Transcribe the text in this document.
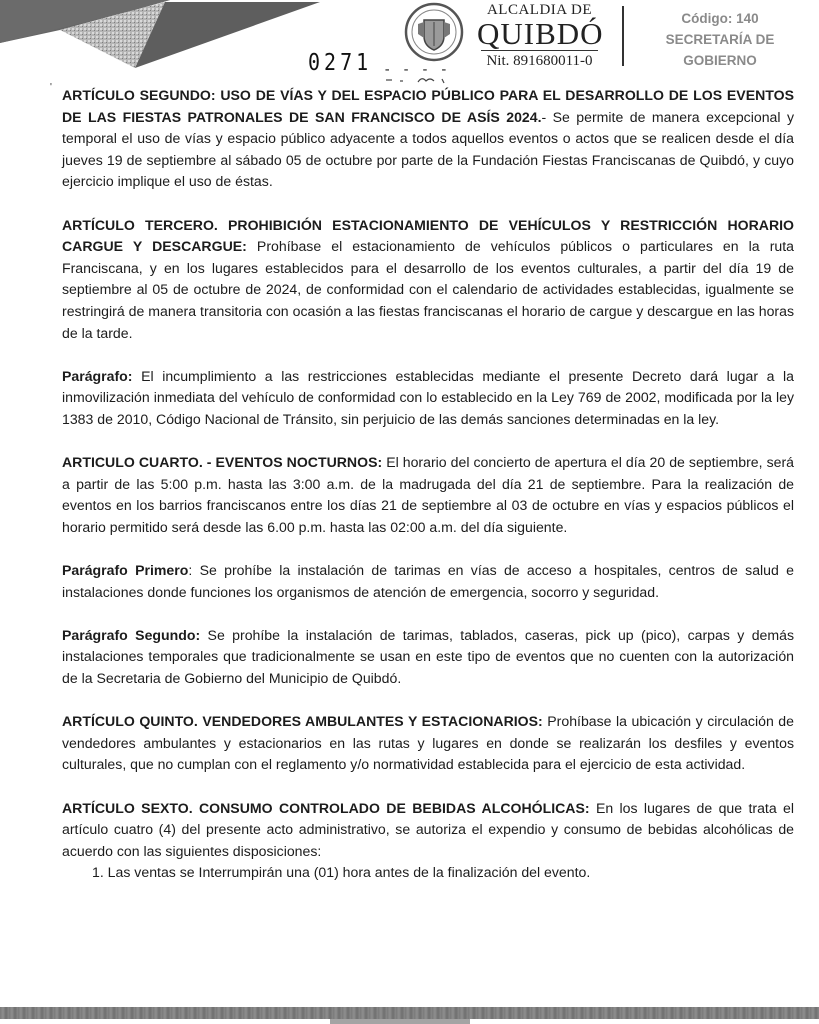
ALCALDIA DE
QUIBDÓ
Nit. 891680011-0
Código: 140
SECRETARÍA DE
GOBIERNO
0271 - - - -
' ARTÍCULO SEGUNDO: USO DE VÍAS Y DEL ESPACIO PÚBLICO PARA EL DESARROLLO DE LOS EVENTOS DE LAS FIESTAS PATRONALES DE SAN FRANCISCO DE ASÍS 2024.- Se permite de manera excepcional y temporal el uso de vías y espacio público adyacente a todos aquellos eventos o actos que se realicen desde el día jueves 19 de septiembre al sábado 05 de octubre por parte de la Fundación Fiestas Franciscanas de Quibdó, y cuyo ejercicio implique el uso de éstas.

ARTÍCULO TERCERO. PROHIBICIÓN ESTACIONAMIENTO DE VEHÍCULOS Y RESTRICCIÓN HORARIO CARGUE Y DESCARGUE: Prohíbase el estacionamiento de vehículos públicos o particulares en la ruta Franciscana, y en los lugares establecidos para el desarrollo de los eventos culturales, a partir del día 19 de septiembre al 05 de octubre de 2024, de conformidad con el calendario de actividades establecidas, igualmente se restringirá de manera transitoria con ocasión a las fiestas franciscanas el horario de cargue y descargue en las horas de la tarde.

Parágrafo: El incumplimiento a las restricciones establecidas mediante el presente Decreto dará lugar a la inmovilización inmediata del vehículo de conformidad con lo establecido en la Ley 769 de 2002, modificada por la ley 1383 de 2010, Código Nacional de Tránsito, sin perjuicio de las demás sanciones determinadas en la ley.

ARTICULO CUARTO. - EVENTOS NOCTURNOS: El horario del concierto de apertura el día 20 de septiembre, será a partir de las 5:00 p.m. hasta las 3:00 a.m. de la madrugada del día 21 de septiembre. Para la realización de eventos en los barrios franciscanos entre los días 21 de septiembre al 03 de octubre en vías y espacios públicos el horario permitido será desde las 6.00 p.m. hasta las 02:00 a.m. del día siguiente.

Parágrafo Primero: Se prohíbe la instalación de tarimas en vías de acceso a hospitales, centros de salud e instalaciones donde funciones los organismos de atención de emergencia, socorro y seguridad.

Parágrafo Segundo: Se prohíbe la instalación de tarimas, tablados, caseras, pick up (pico), carpas y demás instalaciones temporales que tradicionalmente se usan en este tipo de eventos que no cuenten con la autorización de la Secretaria de Gobierno del Municipio de Quibdó.

ARTÍCULO QUINTO. VENDEDORES AMBULANTES Y ESTACIONARIOS: Prohíbase la ubicación y circulación de vendedores ambulantes y estacionarios en las rutas y lugares en donde se realizarán los desfiles y eventos culturales, que no cumplan con el reglamento y/o normatividad establecida para el ejercicio de esta actividad.

ARTÍCULO SEXTO. CONSUMO CONTROLADO DE BEBIDAS ALCOHÓLICAS: En los lugares de que trata el artículo cuatro (4) del presente acto administrativo, se autoriza el expendio y consumo de bebidas alcohólicas de acuerdo con las siguientes disposiciones:

1. Las ventas se Interrumpirán una (01) hora antes de la finalización del evento.
